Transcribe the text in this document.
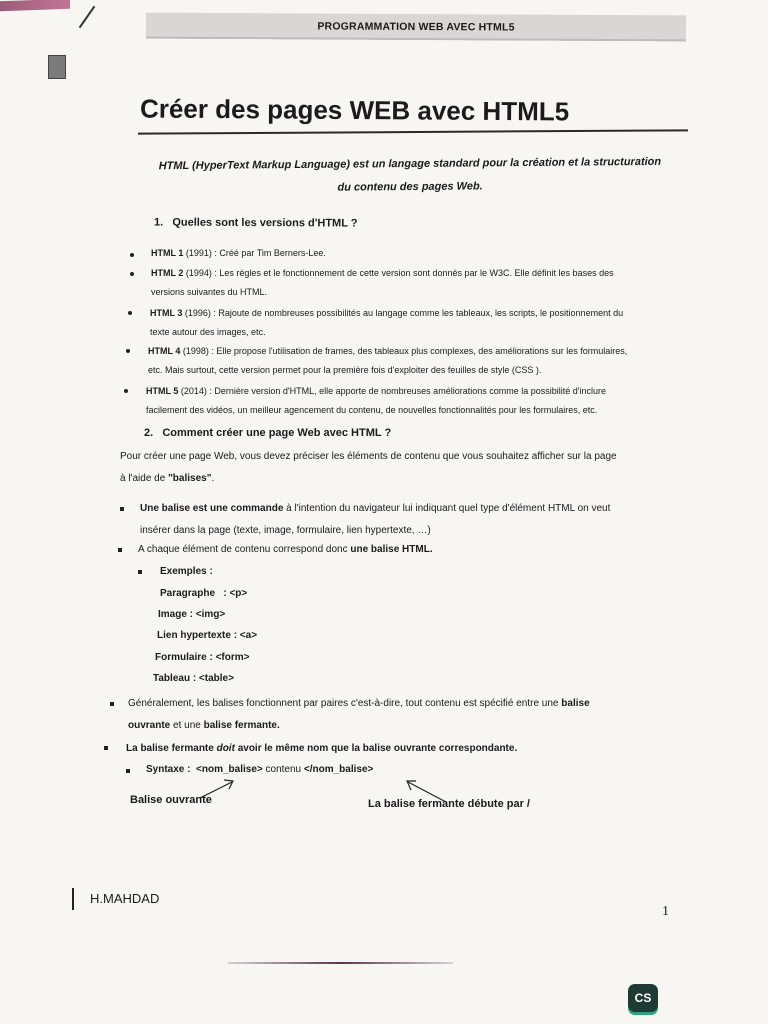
PROGRAMMATION WEB AVEC HTML5
Créer des pages WEB avec HTML5
HTML (HyperText Markup Language) est un langage standard pour la création et la structuration
du contenu des pages Web.
1.   Quelles sont les versions d'HTML ?
HTML 1 (1991) : Créé par Tim Berners-Lee.
HTML 2 (1994) : Les règles et le fonctionnement de cette version sont donnés par le W3C. Elle définit les bases des
versions suivantes du HTML.
HTML 3 (1996) : Rajoute de nombreuses possibilités au langage comme les tableaux, les scripts, le positionnement du
texte autour des images, etc.
HTML 4 (1998) : Elle propose l'utilisation de frames, des tableaux plus complexes, des améliorations sur les formulaires,
etc. Mais surtout, cette version permet pour la première fois d'exploiter des feuilles de style (CSS ).
HTML 5 (2014) : Dernière version d'HTML, elle apporte de nombreuses améliorations comme la possibilité d'inclure
facilement des vidéos, un meilleur agencement du contenu, de nouvelles fonctionnalités pour les formulaires, etc.
2.   Comment créer une page Web avec HTML ?
Pour créer une page Web, vous devez préciser les éléments de contenu que vous souhaitez afficher sur la page
à l'aide de "balises".
Une balise est une commande à l'intention du navigateur lui indiquant quel type d'élément HTML on veut
insérer dans la page (texte, image, formulaire, lien hypertexte, …)
A chaque élément de contenu correspond donc une balise HTML.
Exemples :
Paragraphe   : <p>
Image : <img>
Lien hypertexte : <a>
Formulaire : <form>
Tableau : <table>
Généralement, les balises fonctionnent par paires c'est-à-dire, tout contenu est spécifié entre une balise
ouvrante et une balise fermante.
La balise fermante doit avoir le même nom que la balise ouvrante correspondante.
Syntaxe : <nom_balise> contenu </nom_balise>
Balise ouvrante	La balise fermante débute par /
H.MAHDAD
1
CS
